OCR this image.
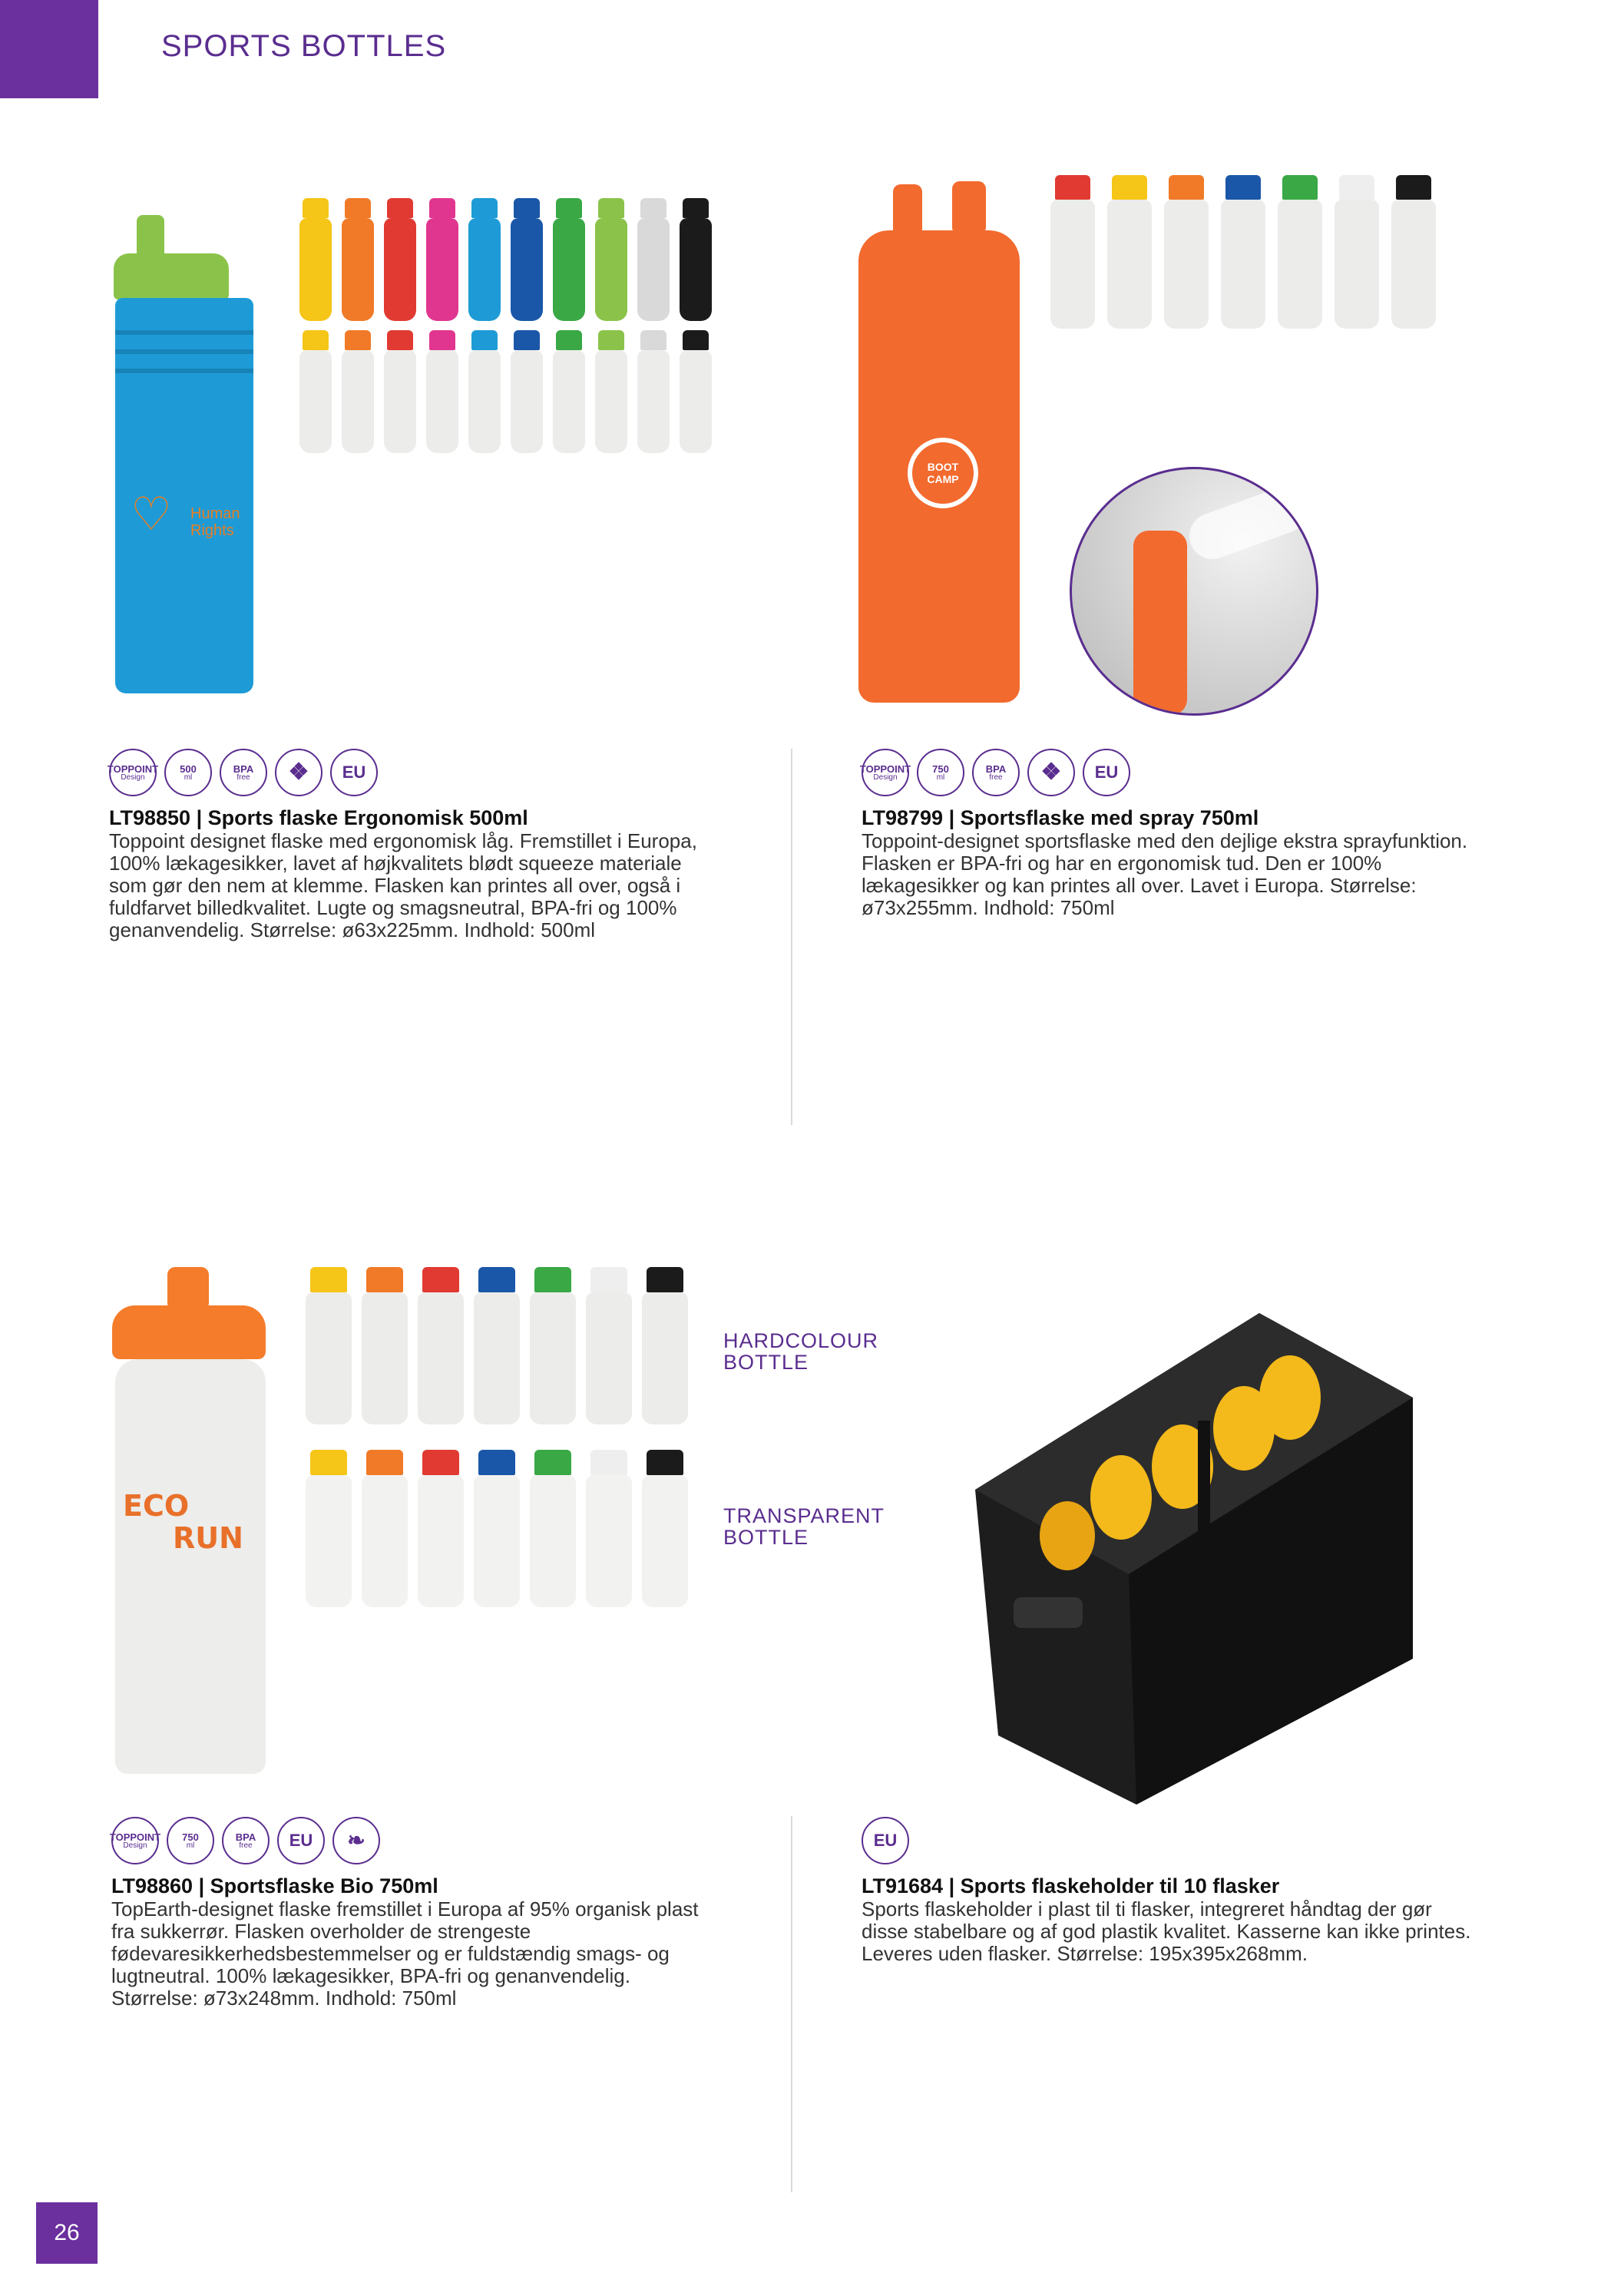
SPORTS BOTTLES
♡ Human Rights
BOOT CAMP
ECO
RUN
HARDCOLOUR
BOTTLE
TRANSPARENT
BOTTLE
TOPPOINT
Design
500
ml
BPA
free	❖	EU
LT98850 | Sports flaske Ergonomisk 500ml
Toppoint designet flaske med ergonomisk låg. Fremstillet i Europa, 100% lækagesikker, lavet af højkvalitets blødt squeeze materiale som gør den nem at klemme. Flasken kan printes all over, også i fuldfarvet billedkvalitet. Lugte og smagsneutral, BPA-fri og 100% genanvendelig. Størrelse: ø63x225mm. Indhold: 500ml
TOPPOINT
Design
750
ml
BPA
free	❖	EU
LT98799 | Sportsflaske med spray 750ml
Toppoint-designet sportsflaske med den dejlige ekstra sprayfunktion. Flasken er BPA-fri og har en ergonomisk tud. Den er 100% lækagesikker og kan printes all over. Lavet i Europa. Størrelse: ø73x255mm. Indhold: 750ml
TOPPOINT
Design
750
ml
BPA
free	EU	❧
LT98860 | Sportsflaske Bio 750ml
TopEarth-designet flaske fremstillet i Europa af 95% organisk plast fra sukkerrør. Flasken overholder de strengeste fødevaresikkerhedsbestemmelser og er fuldstændig smags- og lugtneutral. 100% lækagesikker, BPA-fri og genanvendelig. Størrelse: ø73x248mm. Indhold: 750ml
EU
LT91684 | Sports flaskeholder til 10 flasker
Sports flaskeholder i plast til ti flasker, integreret håndtag der gør disse stabelbare og af god plastik kvalitet. Kasserne kan ikke printes. Leveres uden flasker. Størrelse: 195x395x268mm.
26
